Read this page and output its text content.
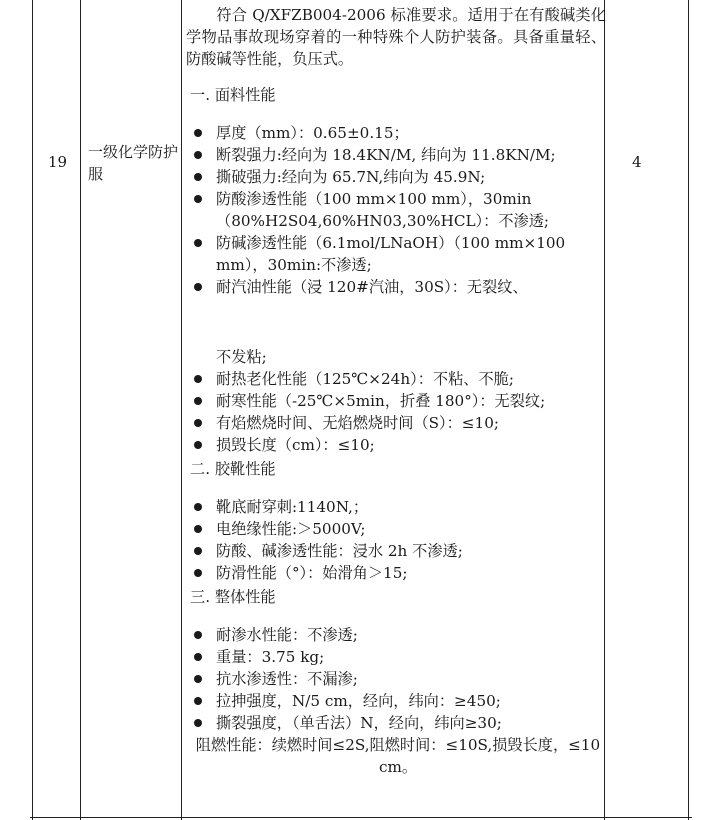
19
一级化学防护服
4

符合 Q/XFZB004-2006 标准要求。适用于在有酸碱类化学物品事故现场穿着的一种特殊个人防护装备。具备重量轻、防酸碱等性能，负压式。

一. 面料性能
厚度（mm）：0.65±0.15；
断裂强力:经向为 18.4KN/M, 纬向为 11.8KN/M;
撕破强力:经向为 65.7N,纬向为 45.9N;
防酸渗透性能（100 mm×100 mm），30min（80%H2S04,60%HN03,30%HCL）：不渗透;
防碱渗透性能（6.1mol/LNaOH）（100 mm×100 mm），30min:不渗透;
耐汽油性能（浸 120#汽油，30S）：无裂纹、
不发粘;
耐热老化性能（125℃×24h）：不粘、不脆;
耐寒性能（-25℃×5min，折叠 180°）：无裂纹;
有焰燃烧时间、无焰燃烧时间（S）：≤10;
损毁长度（cm）：≤10;
二. 胶靴性能
靴底耐穿刺:1140N,；
电绝缘性能:＞5000V;
防酸、碱渗透性能：浸水 2h 不渗透;
防滑性能（°）：始滑角＞15;
三. 整体性能
耐渗水性能：不渗透;
重量：3.75 kg;
抗水渗透性：不漏渗;
拉抻强度，N/5 cm，经向，纬向：≥450;
撕裂强度，（单舌法）N，经向，纬向≥30;
阻燃性能：续燃时间≤2S,阻燃时间：≤10S,损毁长度，≤10 cm。
